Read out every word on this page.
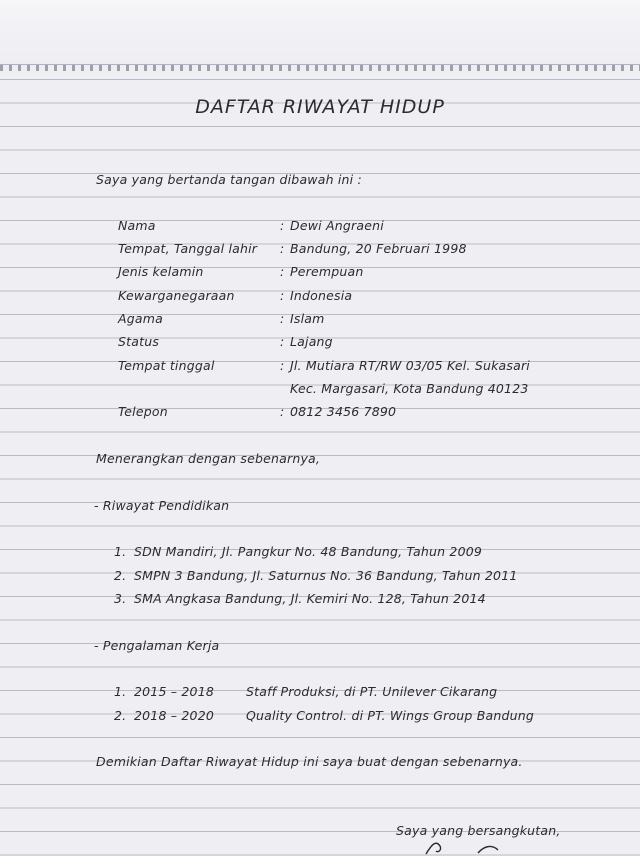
DAFTAR RIWAYAT HIDUP
Saya yang bertanda tangan dibawah ini :
Nama	: Dewi Angraeni
Tempat, Tanggal lahir : Bandung, 20 Februari 1998
Jenis kelamin	: Perempuan
Kewarganegaraan	: Indonesia
Agama	: Islam
Status	: Lajang
Tempat tinggal	: Jl. Mutiara RT/RW 03/05 Kel. Sukasari
Kec. Margasari, Kota Bandung 40123
Telepon	: 0812 3456 7890
Menerangkan dengan sebenarnya,
- Riwayat Pendidikan
1. SDN Mandiri, Jl. Pangkur No. 48 Bandung, Tahun 2009
2. SMPN 3 Bandung, Jl. Saturnus No. 36 Bandung, Tahun 2011
3. SMA Angkasa Bandung, Jl. Kemiri No. 128, Tahun 2014
- Pengalaman Kerja
1. 2015 – 2018	Staff Produksi, di PT. Unilever Cikarang
2. 2018 – 2020	Quality Control. di PT. Wings Group Bandung
Demikian Daftar Riwayat Hidup ini saya buat dengan sebenarnya.
Saya yang bersangkutan,
